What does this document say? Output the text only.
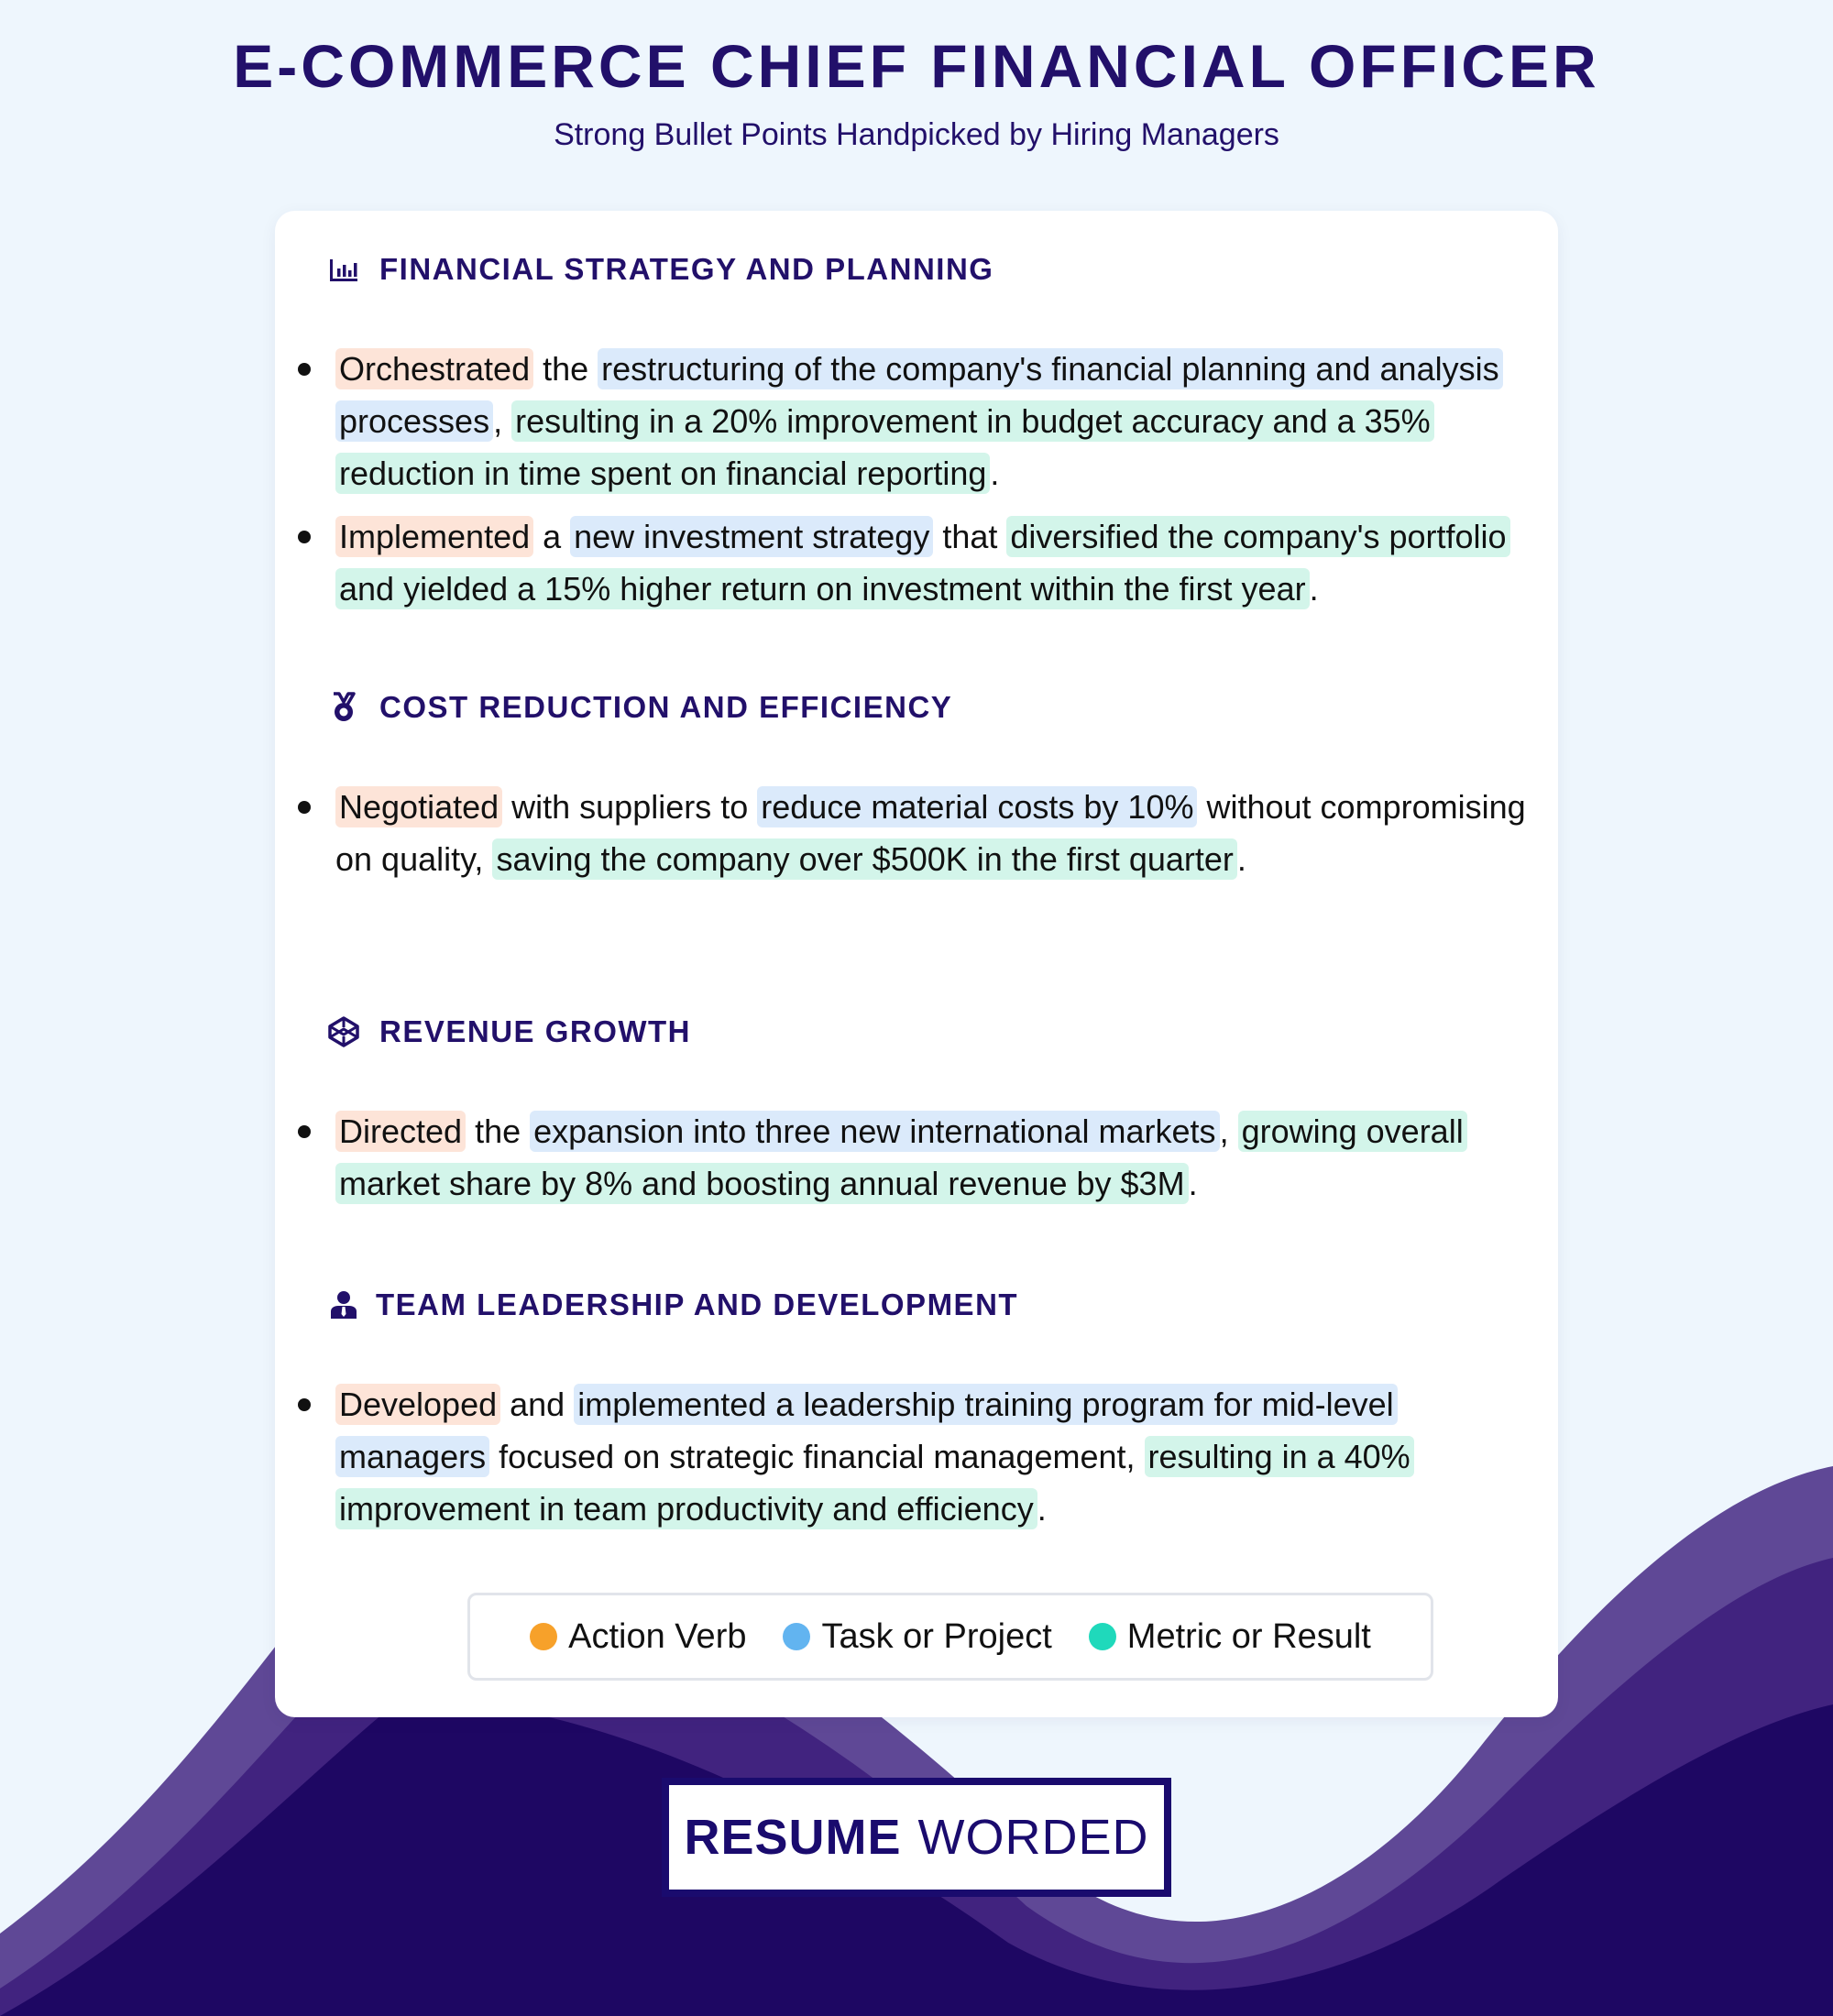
E-COMMERCE CHIEF FINANCIAL OFFICER
Strong Bullet Points Handpicked by Hiring Managers
FINANCIAL STRATEGY AND PLANNING
Orchestrated the restructuring of the company's financial planning and analysis processes , resulting in a 20% improvement in budget accuracy and a 35% reduction in time spent on financial reporting .
Implemented a new investment strategy that diversified the company's portfolio and yielded a 15% higher return on investment within the first year .
COST REDUCTION AND EFFICIENCY
Negotiated with suppliers to reduce material costs by 10% without compromising on quality, saving the company over $500K in the first quarter .
REVENUE GROWTH
Directed the expansion into three new international markets , growing overall market share by 8% and boosting annual revenue by $3M .
TEAM LEADERSHIP AND DEVELOPMENT
Developed and implemented a leadership training program for mid-level managers focused on strategic financial management, resulting in a 40% improvement in team productivity and efficiency .
Action Verb Task or Project Metric or Result
RESUME WORDED
